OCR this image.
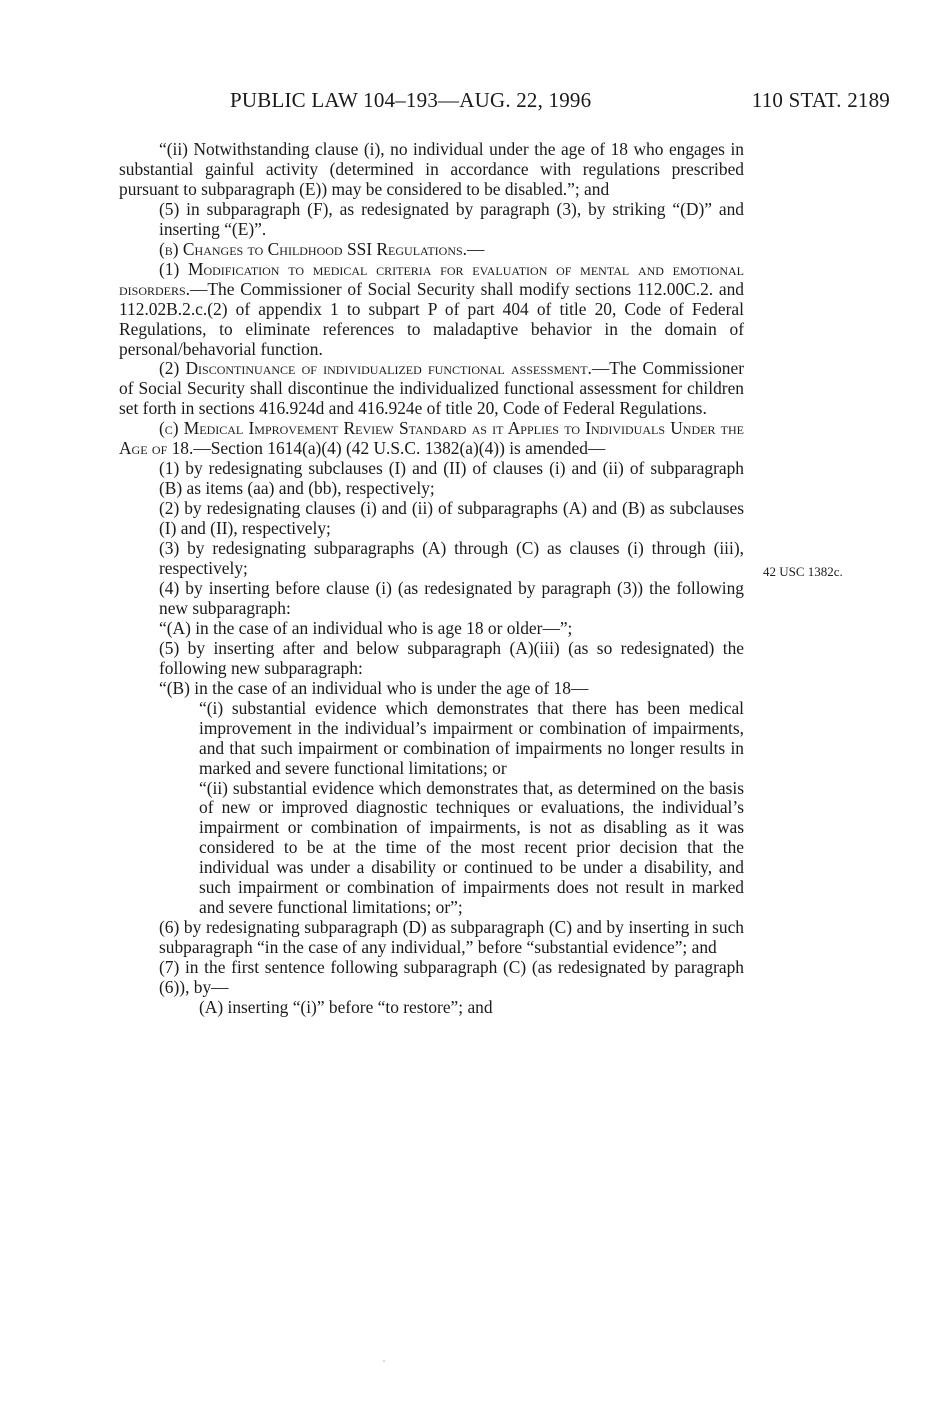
PUBLIC LAW 104–193—AUG. 22, 1996	110 STAT. 2189
42 USC 1382c.

“(ii) Notwithstanding clause (i), no individual under the age of 18 who engages in substantial gainful activity (determined in accordance with regulations prescribed pursuant to subparagraph (E)) may be considered to be disabled.”; and

(5) in subparagraph (F), as redesignated by paragraph (3), by striking “(D)” and inserting “(E)”.

(b) Changes to Childhood SSI Regulations.—

(1) Modification to medical criteria for evaluation of mental and emotional disorders.—The Commissioner of Social Security shall modify sections 112.00C.2. and 112.02B.2.c.(2) of appendix 1 to subpart P of part 404 of title 20, Code of Federal Regulations, to eliminate references to maladaptive behavior in the domain of personal/behavorial function.

(2) Discontinuance of individualized functional assessment.—The Commissioner of Social Security shall discontinue the individualized functional assessment for children set forth in sections 416.924d and 416.924e of title 20, Code of Federal Regulations.

(c) Medical Improvement Review Standard as it Applies to Individuals Under the Age of 18.—Section 1614(a)(4) (42 U.S.C. 1382(a)(4)) is amended—

(1) by redesignating subclauses (I) and (II) of clauses (i) and (ii) of subparagraph (B) as items (aa) and (bb), respectively;

(2) by redesignating clauses (i) and (ii) of subparagraphs (A) and (B) as subclauses (I) and (II), respectively;

(3) by redesignating subparagraphs (A) through (C) as clauses (i) through (iii), respectively;

(4) by inserting before clause (i) (as redesignated by paragraph (3)) the following new subparagraph:

“(A) in the case of an individual who is age 18 or older—”;

(5) by inserting after and below subparagraph (A)(iii) (as so redesignated) the following new subparagraph:

“(B) in the case of an individual who is under the age of 18—

“(i) substantial evidence which demonstrates that there has been medical improvement in the individual’s impairment or combination of impairments, and that such impairment or combination of impairments no longer results in marked and severe functional limitations; or

“(ii) substantial evidence which demonstrates that, as determined on the basis of new or improved diagnostic techniques or evaluations, the individual’s impairment or combination of impairments, is not as disabling as it was considered to be at the time of the most recent prior decision that the individual was under a disability or continued to be under a disability, and such impairment or combination of impairments does not result in marked and severe functional limitations; or”;

(6) by redesignating subparagraph (D) as subparagraph (C) and by inserting in such subparagraph “in the case of any individual,” before “substantial evidence”; and

(7) in the first sentence following subparagraph (C) (as redesignated by paragraph (6)), by—

(A) inserting “(i)” before “to restore”; and
